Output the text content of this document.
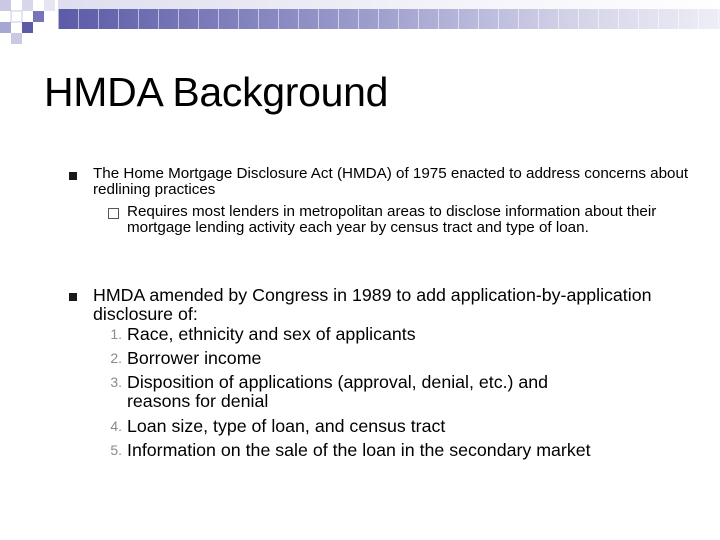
HMDA Background

The Home Mortgage Disclosure Act (HMDA) of 1975 enacted to address concerns about redlining practices

Requires most lenders in metropolitan areas to disclose information about their mortgage lending activity each year by census tract and type of loan.

HMDA amended by Congress in 1989 to add application-by-application disclosure of:

1. Race, ethnicity and sex of applicants
2. Borrower income
3. Disposition of applications (approval, denial, etc.) and reasons for denial
4. Loan size, type of loan, and census tract
5. Information on the sale of the loan in the secondary market
